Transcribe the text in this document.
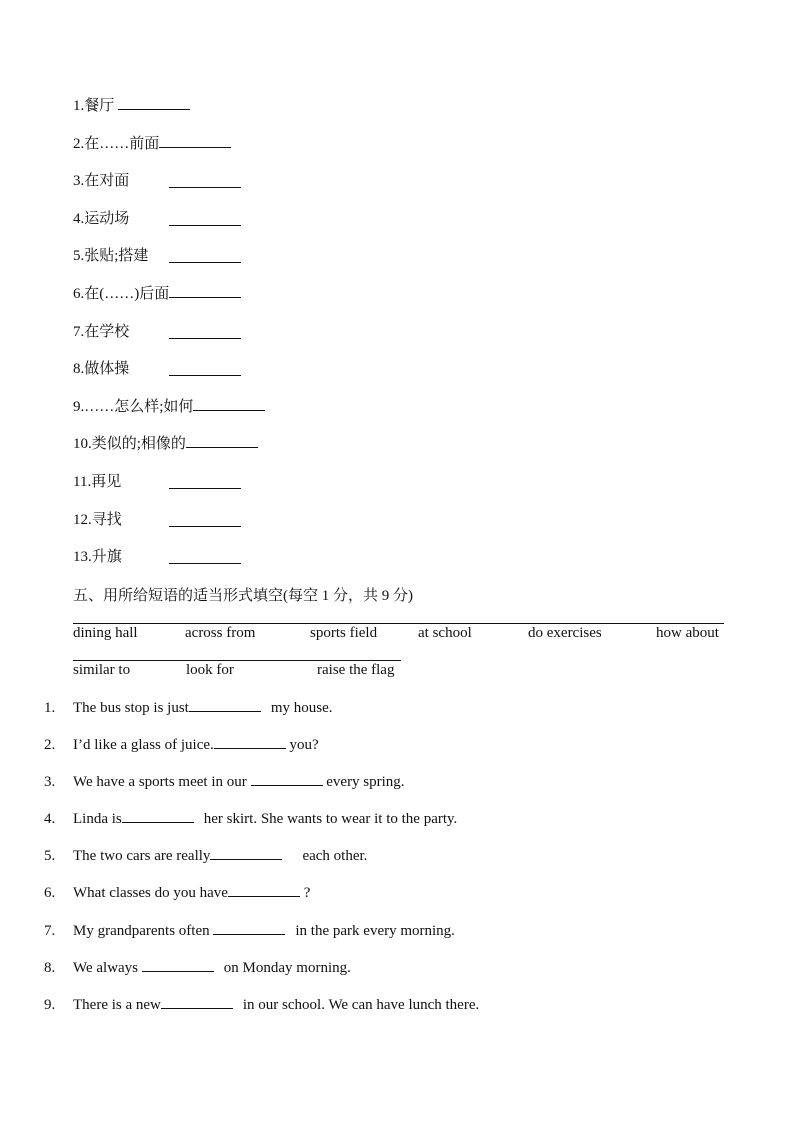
1.餐厅
2.在……前面
3.在对面
4.运动场
5.张贴;搭建
6.在(……)后面
7.在学校
8.做体操
9.……怎么样;如何
10.类似的;相像的
11.再见
12.寻找
13.升旗
五、用所给短语的适当形式填空(每空 1 分，共 9 分)
dining hall	across from	sports field	at school	do exercises	how about
similar to	look for	raise the flag
1. The bus stop is just	my house.
2. I’d like a glass of juice.	you?
3. We have a sports meet in our	every spring.
4. Linda is	her skirt. She wants to wear it to the party.
5. The two cars are really	each other.
6. What classes do you have	?
7. My grandparents often	in the park every morning.
8. We always	on Monday morning.
9. There is a new	in our school. We can have lunch there.
